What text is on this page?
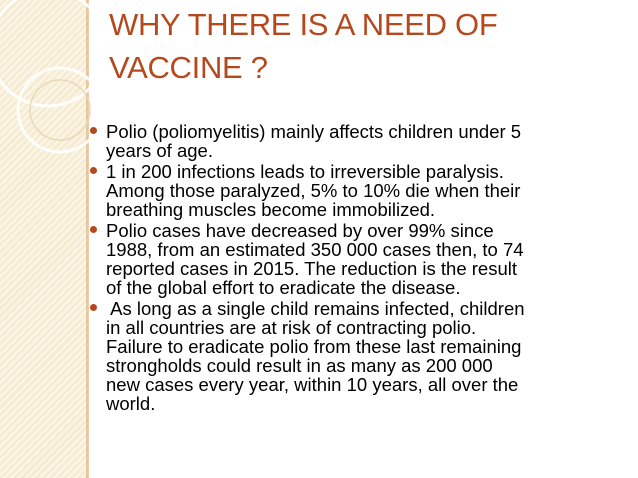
WHY THERE IS A NEED OF
VACCINE ?
Polio (poliomyelitis) mainly affects children under 5
years of age.
1 in 200 infections leads to irreversible paralysis.
Among those paralyzed, 5% to 10% die when their
breathing muscles become immobilized.
Polio cases have decreased by over 99% since
1988, from an estimated 350 000 cases then, to 74
reported cases in 2015. The reduction is the result
of the global effort to eradicate the disease.
As long as a single child remains infected, children
in all countries are at risk of contracting polio.
Failure to eradicate polio from these last remaining
strongholds could result in as many as 200 000
new cases every year, within 10 years, all over the
world.
